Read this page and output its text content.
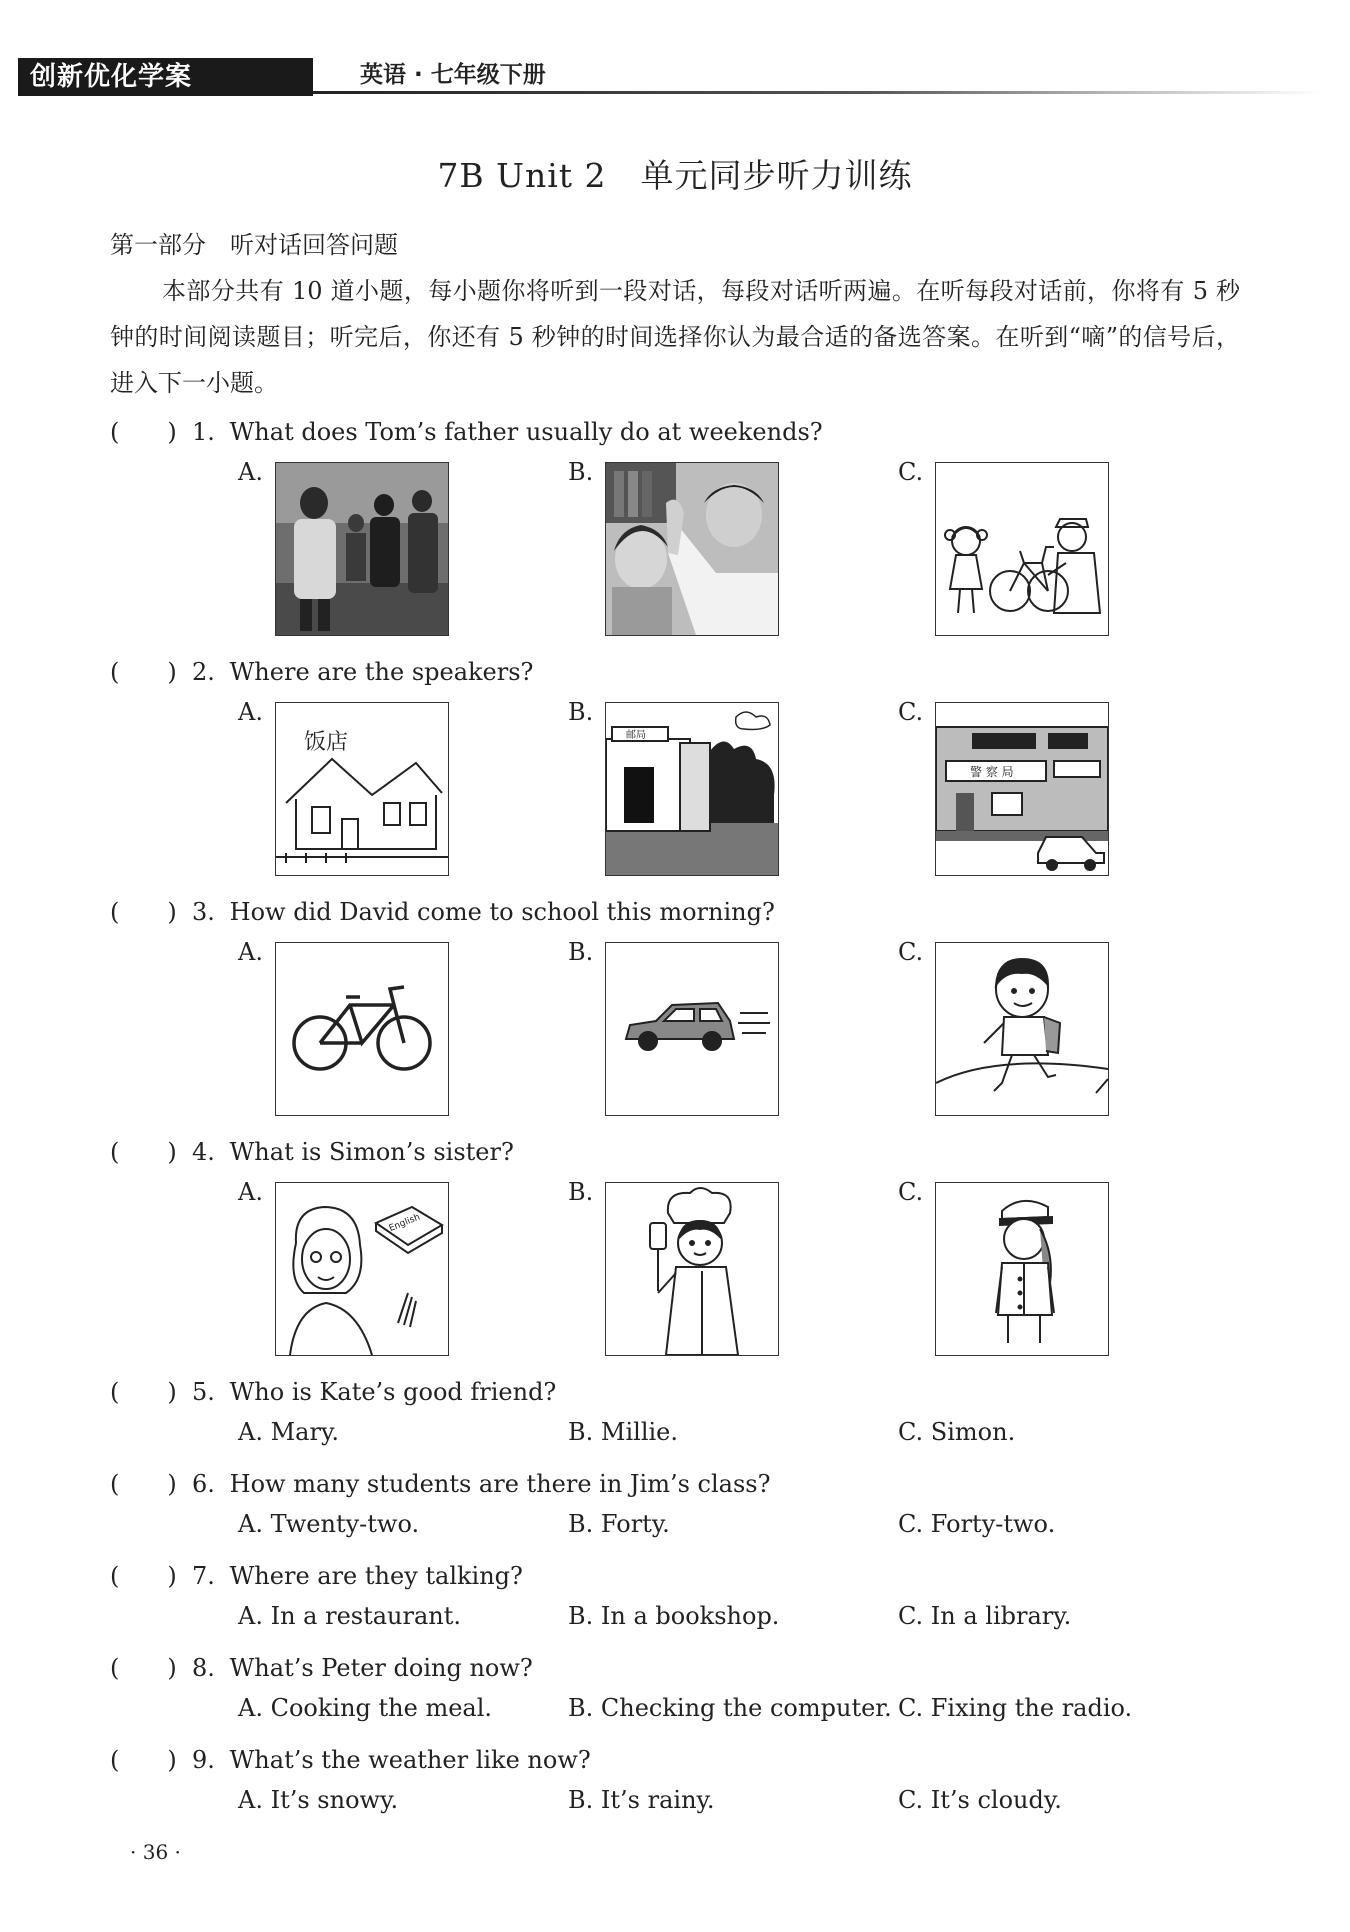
创新优化学案	英语 · 七年级下册
7B Unit 2　单元同步听力训练
第一部分　听对话回答问题
本部分共有 10 道小题，每小题你将听到一段对话，每段对话听两遍。在听每段对话前，你将有 5 秒钟的时间阅读题目；听完后，你还有 5 秒钟的时间选择你认为最合适的备选答案。在听到“嘀”的信号后，进入下一小题。
(　　) 1. What does Tom’s father usually do at weekends?
A.	B.	C.
(　　) 2. Where are the speakers?
A.
饭店
B.
邮局
C.
警 察 局
(　　) 3. How did David come to school this morning?
A.	B.	C.
(　　) 4. What is Simon’s sister?
A.
English
B.	C.
(　　) 5. Who is Kate’s good friend?
A. Mary.	B. Millie.	C. Simon.
(　　) 6. How many students are there in Jim’s class?
A. Twenty-two.	B. Forty.	C. Forty-two.
(　　) 7. Where are they talking?
A. In a restaurant.	B. In a bookshop.	C. In a library.
(　　) 8. What’s Peter doing now?
A. Cooking the meal.	B. Checking the computer. C. Fixing the radio.
(　　) 9. What’s the weather like now?
A. It’s snowy.	B. It’s rainy.	C. It’s cloudy.
· 36 ·
